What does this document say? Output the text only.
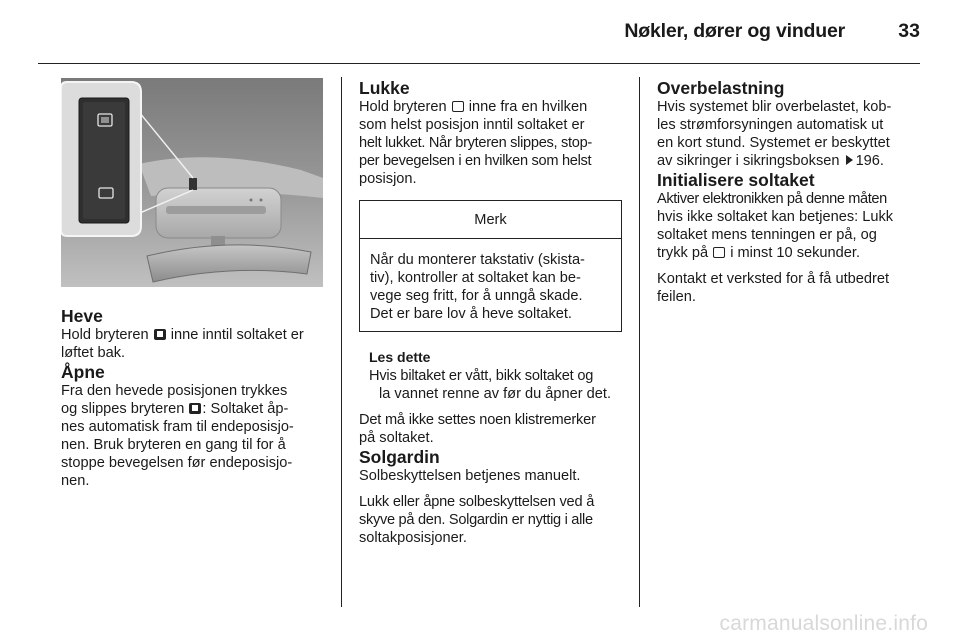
Nøkler, dører og vinduer	33

Heve

Hold bryteren inne inntil soltaket er
løftet bak.

Åpne

Fra den hevede posisjonen trykkes
og slippes bryteren : Soltaket åp-
nes automatisk fram til endeposisjo-
nen. Bruk bryteren en gang til for å
stoppe bevegelsen før endeposisjo-
nen.

Lukke

Hold bryteren inne fra en hvilken
som helst posisjon inntil soltaket er
helt lukket. Når bryteren slippes, stop-
per bevegelsen i en hvilken som helst
posisjon.

Merk
Når du monterer takstativ (skista-
tiv), kontroller at soltaket kan be-
vege seg fritt, for å unngå skade.
Det er bare lov å heve soltaket.

Les dette
Hvis biltaket er vått, bikk soltaket og
la vannet renne av før du åpner det.

Det må ikke settes noen klistremerker
på soltaket.

Solgardin

Solbeskyttelsen betjenes manuelt.

Lukk eller åpne solbeskyttelsen ved å
skyve på den. Solgardin er nyttig i alle
soltakposisjoner.

Overbelastning

Hvis systemet blir overbelastet, kob-
les strømforsyningen automatisk ut
en kort stund. Systemet er beskyttet
av sikringer i sikringsboksen 196.

Initialisere soltaket

Aktiver elektronikken på denne måten
hvis ikke soltaket kan betjenes: Lukk
soltaket mens tenningen er på, og
trykk på i minst 10 sekunder.

Kontakt et verksted for å få utbedret
feilen.

carmanualsonline.info
